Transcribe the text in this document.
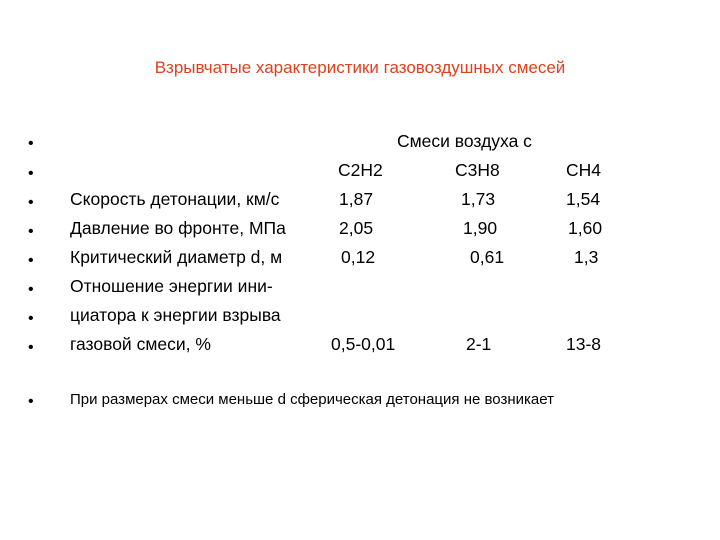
Взрывчатые характеристики газовоздушных смесей
•
•
•
•
•
•
•
•
•
Смеси воздуха с
C2H2	C3H8	CH4
Скорость детонации, км/с	1,87	1,73	1,54
Давление во фронте, МПа	2,05	1,90	1,60
Критический диаметр d, м	0,12	0,61	1,3
Отношение энергии ини-
циатора к энергии взрыва
газовой смеси, %	0,5-0,01	2-1	13-8
При размерах смеси меньше d сферическая детонация не возникает
